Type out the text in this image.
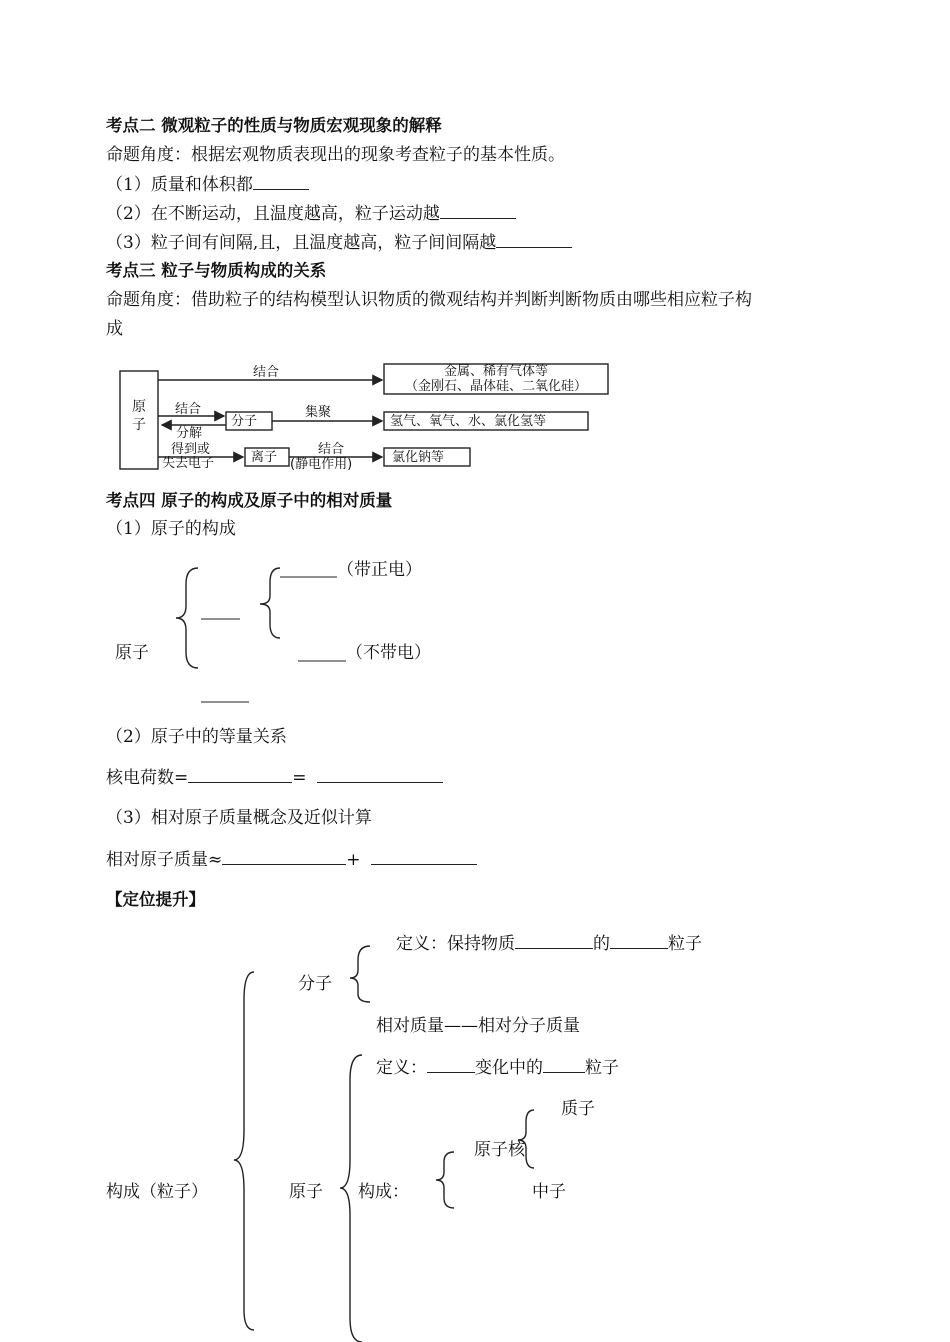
考点二 微观粒子的性质与物质宏观现象的解释
命题角度：根据宏观物质表现出的现象考查粒子的基本性质。
（1）质量和体积都
（2）在不断运动，且温度越高，粒子运动越
（3）粒子间有间隔,且，且温度越高，粒子间间隔越
考点三 粒子与物质构成的关系
命题角度：借助粒子的结构模型认识物质的微观结构并判断判断物质由哪些相应粒子构
成
原子
结合	金属、稀有气体等
（金刚石、晶体硅、二氧化硅）
结合
分解
分子
集聚
氢气、氧气、水、氯化氢等
得到或
失去电子	离子
结合
(静电作用)	氯化钠等
考点四 原子的构成及原子中的相对质量
（1）原子的构成
（带正电）
原子	（不带电）
（2）原子中的等量关系
核电荷数=	=
（3）相对原子质量概念及近似计算
相对原子质量≈	+
【定位提升】
定义：保持物质	的	粒子
分子
相对质量——相对分子质量
定义：	变化中的 粒子
质子
原子核
构成（粒子）	原子 构成：	中子
